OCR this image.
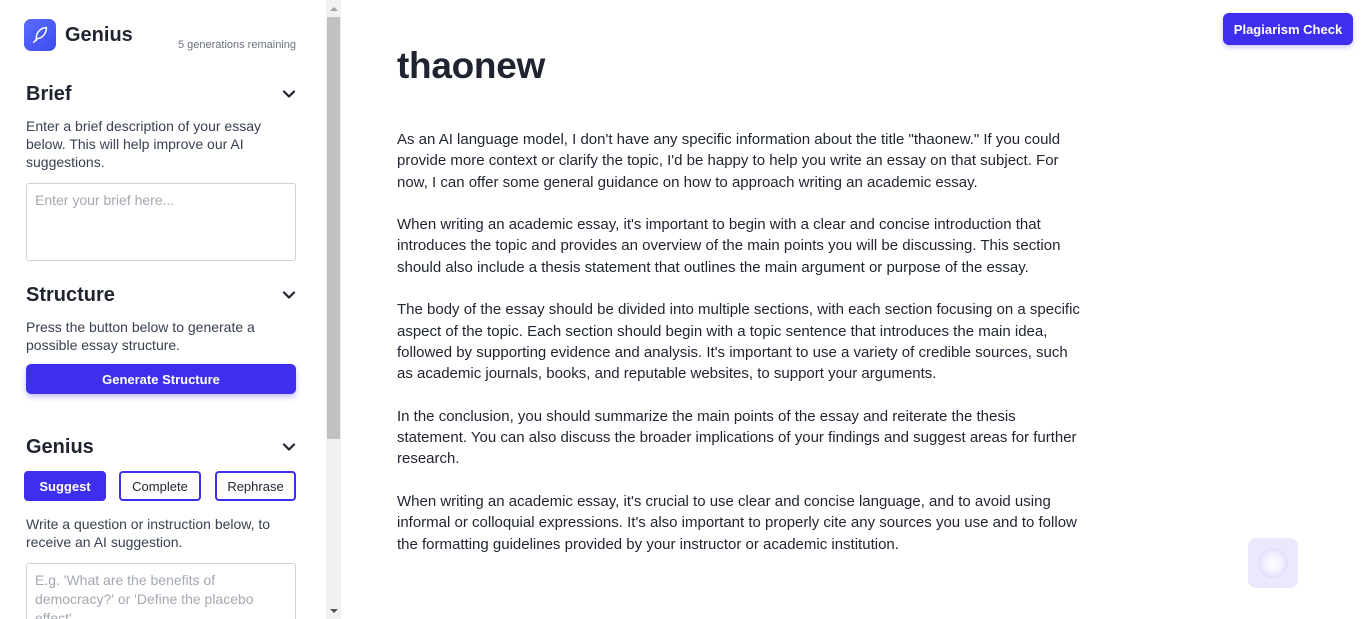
Genius	5 generations remaining
Brief
Enter a brief description of your essay below. This will help improve our AI suggestions.
Enter your brief here...
Structure
Press the button below to generate a possible essay structure.
Generate Structure
Genius
Suggest	Complete	Rephrase
Write a question or instruction below, to receive an AI suggestion.
E.g. 'What are the benefits of democracy?' or 'Define the placebo effect'
Plagiarism Check
thaonew

As an AI language model, I don't have any specific information about the title "thaonew." If you could provide more context or clarify the topic, I'd be happy to help you write an essay on that subject. For now, I can offer some general guidance on how to approach writing an academic essay.

When writing an academic essay, it's important to begin with a clear and concise introduction that introduces the topic and provides an overview of the main points you will be discussing. This section should also include a thesis statement that outlines the main argument or purpose of the essay.

The body of the essay should be divided into multiple sections, with each section focusing on a specific aspect of the topic. Each section should begin with a topic sentence that introduces the main idea, followed by supporting evidence and analysis. It's important to use a variety of credible sources, such as academic journals, books, and reputable websites, to support your arguments.

In the conclusion, you should summarize the main points of the essay and reiterate the thesis statement. You can also discuss the broader implications of your findings and suggest areas for further research.

When writing an academic essay, it's crucial to use clear and concise language, and to avoid using informal or colloquial expressions. It's also important to properly cite any sources you use and to follow the formatting guidelines provided by your instructor or academic institution.
